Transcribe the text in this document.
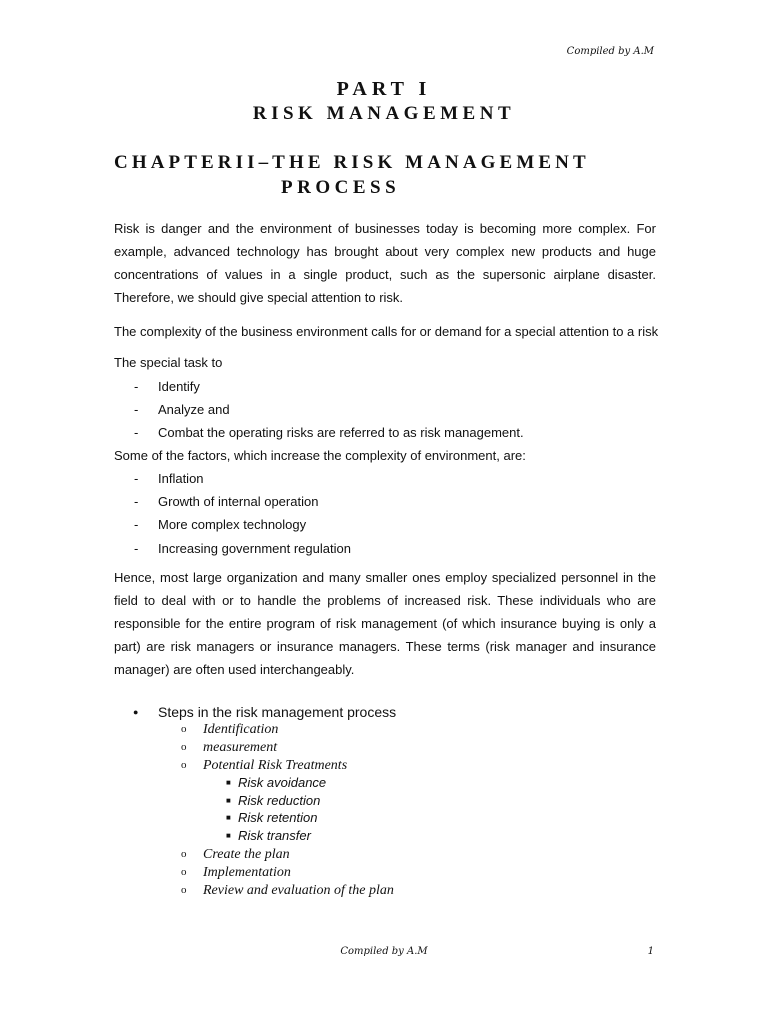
Compiled by A.M
PART I
RISK MANAGEMENT
CHAPTERII–THE RISK MANAGEMENT
PROCESS

Risk is danger and the environment of businesses today is becoming more complex. For example, advanced technology has brought about very complex new products and huge concentrations of values in a single product, such as the supersonic airplane disaster. Therefore, we should give special attention to risk.

The complexity of the business environment calls for or demand for a special attention to a risk

The special task to

- Identify
- Analyze and
- Combat the operating risks are referred to as risk management.

Some of the factors, which increase the complexity of environment, are:

- Inflation
- Growth of internal operation
- More complex technology
- Increasing government regulation

Hence, most large organization and many smaller ones employ specialized personnel in the field to deal with or to handle the problems of increased risk. These individuals who are responsible for the entire program of risk management (of which insurance buying is only a part) are risk managers or insurance managers. These terms (risk manager and insurance manager) are often used interchangeably.

● Steps in the risk management process
o Identification
o measurement
o Potential Risk Treatments
■ Risk avoidance
■ Risk reduction
■ Risk retention
■ Risk transfer
o Create the plan
o Implementation
o Review and evaluation of the plan
Compiled by A.M	1
